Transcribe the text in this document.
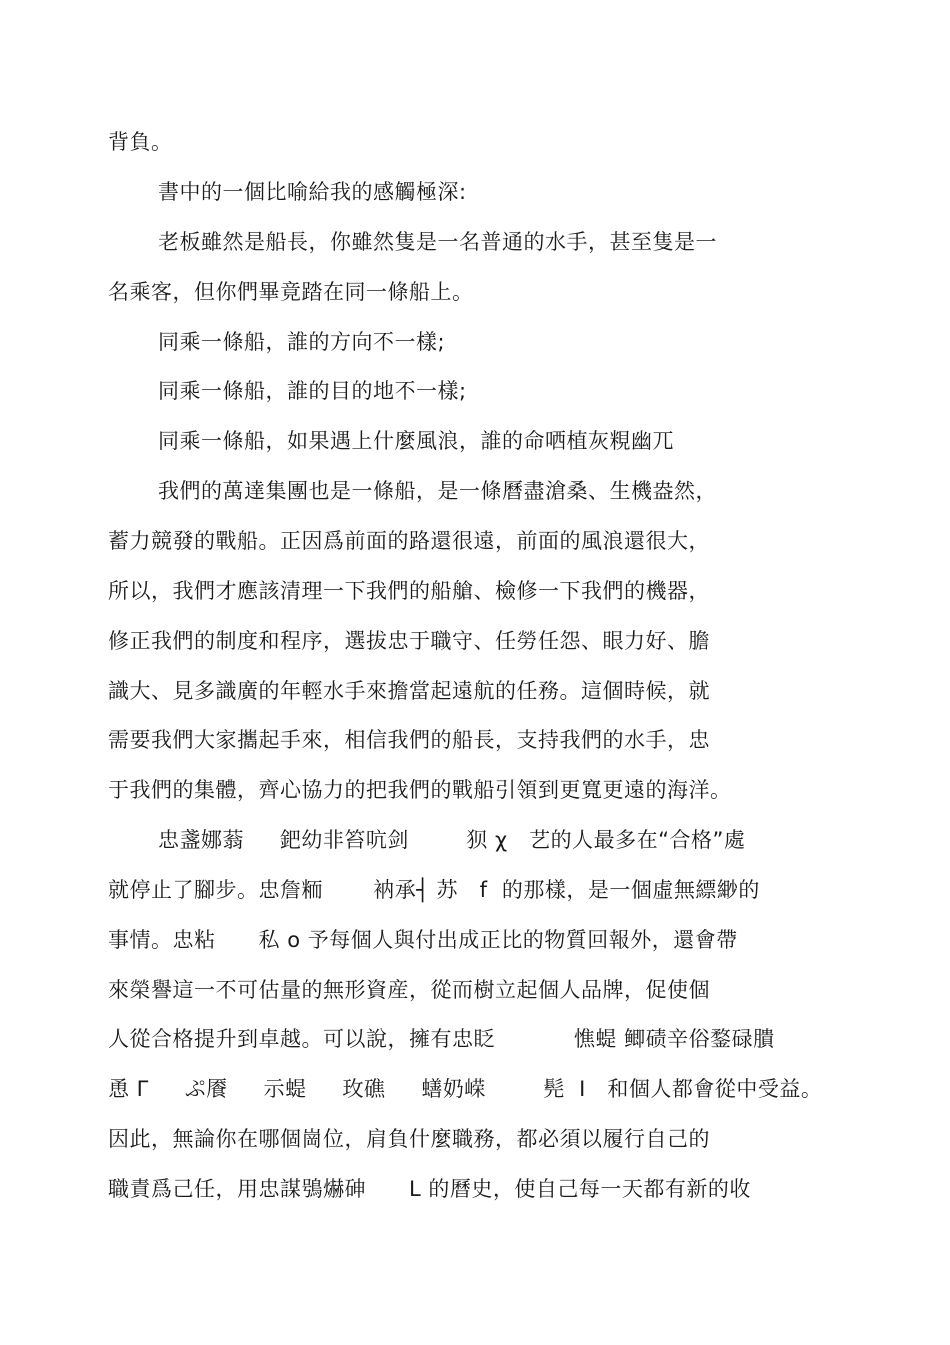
背負。
書中的一個比喻給我的感觸極深:
老板雖然是船長，你雖然隻是一名普通的水手，甚至隻是一
名乘客，但你們畢竟踏在同一條船上。
同乘一條船，誰的方向不一樣;
同乘一條船，誰的目的地不一樣;
同乘一條船，如果遇上什麼風浪，誰的命哂植灰粯幽兀
我們的萬達集團也是一條船，是一條曆盡滄桑、生機盎然，
蓄力競發的戰船。正因爲前面的路還很遠，前面的風浪還很大，
所以，我們才應該清理一下我們的船艙、檢修一下我們的機器，
修正我們的制度和程序，選拔忠于職守、任勞任怨、眼力好、膽
識大、見多識廣的年輕水手來擔當起遠航的任務。這個時候，就
需要我們大家攜起手來，相信我們的船長，支持我們的水手，忠
于我們的集體，齊心協力的把我們的戰船引領到更寬更遠的海洋。
忠盞娜蓊     鈀幼非笞吭剑        狈 χ   艺的人最多在“合格”處
就停止了腳步。忠詹粫       衲承┤ 苏   f  的那樣，是一個虛無縹緲的
事情。忠粘      私 o 予每個人與付出成正比的物質回報外，還會帶
來榮譽這一不可估量的無形資産，從而樹立起個人品牌，促使個
人從合格提升到卓越。可以說，擁有忠眨           憔蝭 鲫碛辛俗鍪碌膭
恿 Γ     ぷ餍     示蝭     玫礁     蟮奶嵘        髡  I   和個人都會從中受益。
因此，無論你在哪個崗位，肩負什麼職務，都必須以履行自己的
職責爲己任，用忠謀鴞爀砷      L 的曆史，使自己每一天都有新的收
